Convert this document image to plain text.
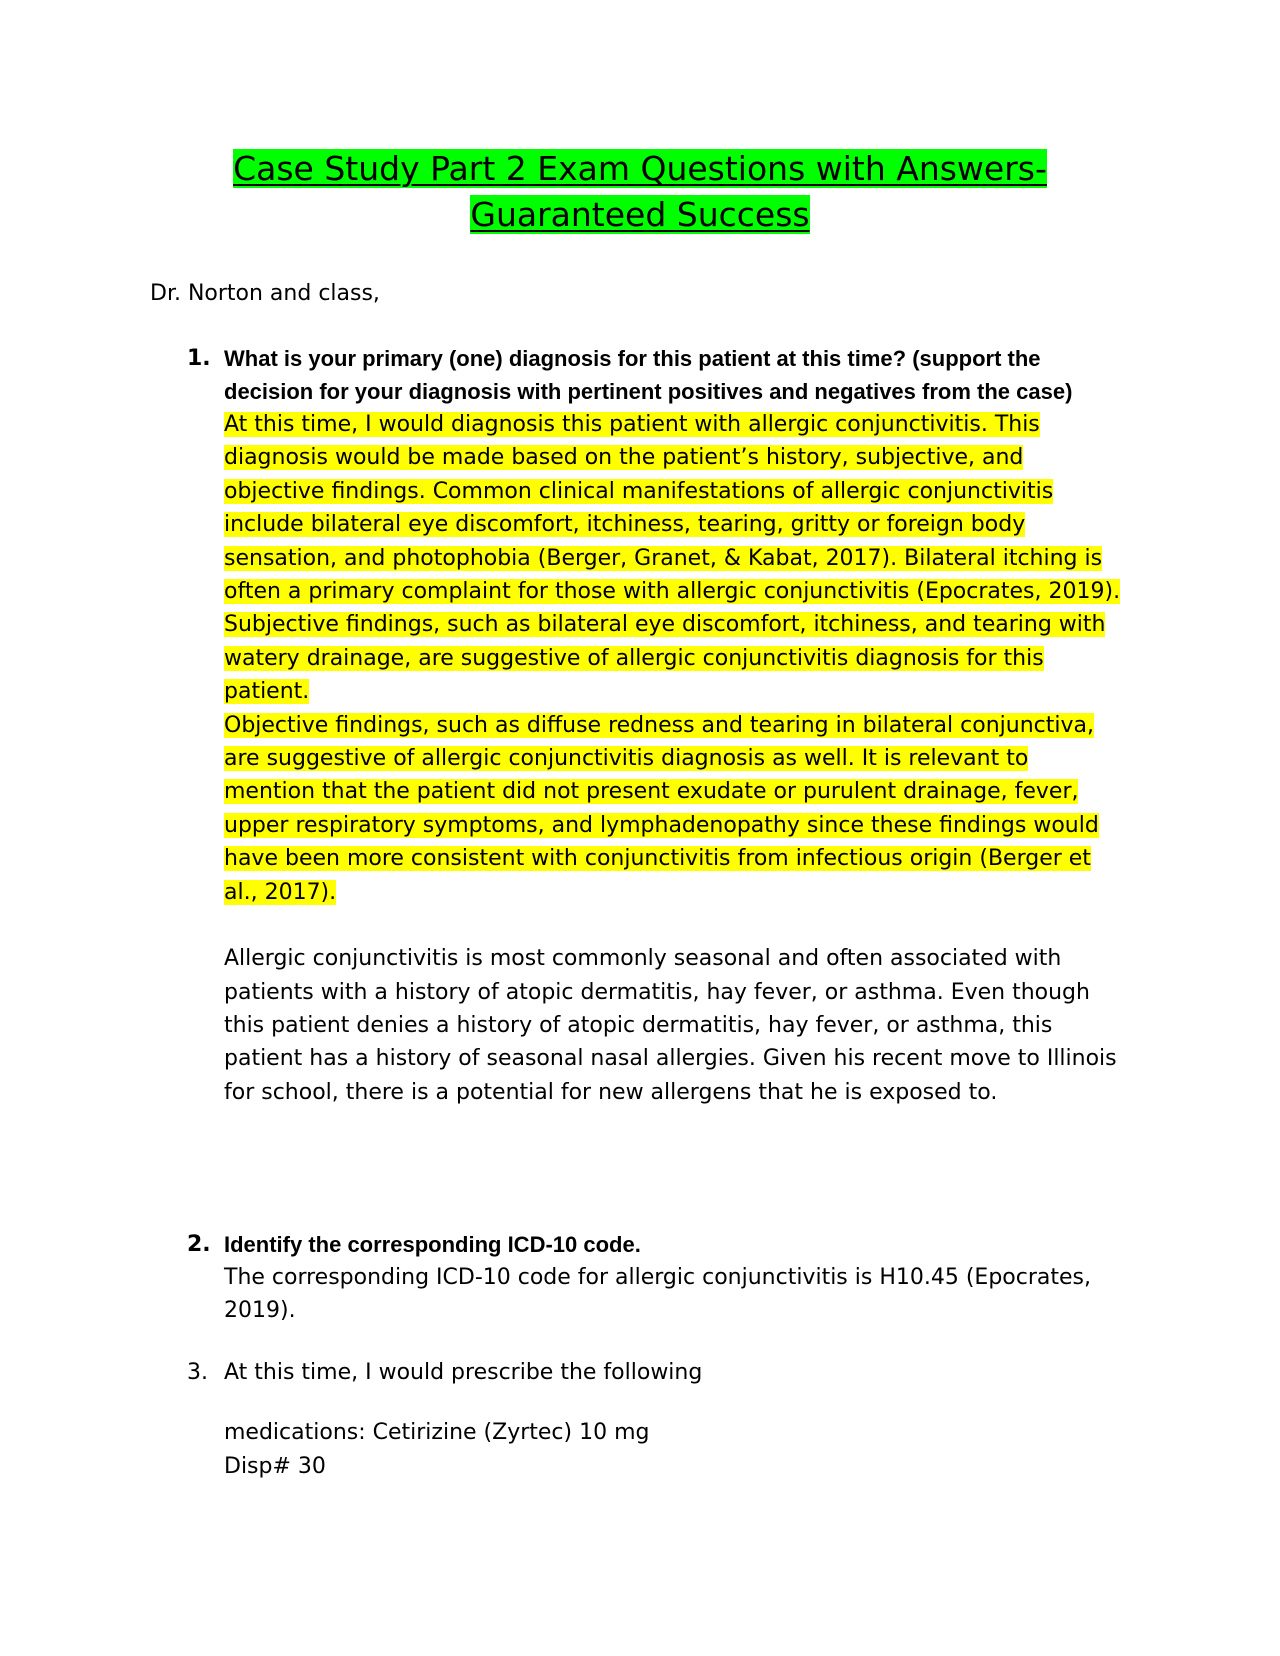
Case Study Part 2 Exam Questions with Answers-
Guaranteed Success
Dr. Norton and class,
1. What is your primary (one) diagnosis for this patient at this time? (support the decision for your diagnosis with pertinent positives and negatives from the case)

At this time, I would diagnosis this patient with allergic conjunctivitis. This diagnosis would be made based on the patient’s history, subjective, and objective findings. Common clinical manifestations of allergic conjunctivitis include bilateral eye discomfort, itchiness, tearing, gritty or foreign body sensation, and photophobia (Berger, Granet, & Kabat, 2017). Bilateral itching is often a primary complaint for those with allergic conjunctivitis (Epocrates, 2019). Subjective findings, such as bilateral eye discomfort, itchiness, and tearing with watery drainage, are suggestive of allergic conjunctivitis diagnosis for this patient.

Objective findings, such as diffuse redness and tearing in bilateral conjunctiva, are suggestive of allergic conjunctivitis diagnosis as well. It is relevant to mention that the patient did not present exudate or purulent drainage, fever, upper respiratory symptoms, and lymphadenopathy since these findings would have been more consistent with conjunctivitis from infectious origin (Berger et al., 2017).

Allergic conjunctivitis is most commonly seasonal and often associated with patients with a history of atopic dermatitis, hay fever, or asthma. Even though this patient denies a history of atopic dermatitis, hay fever, or asthma, this patient has a history of seasonal nasal allergies. Given his recent move to Illinois for school, there is a potential for new allergens that he is exposed to.

2. Identify the corresponding ICD-10 code.

The corresponding ICD-10 code for allergic conjunctivitis is H10.45 (Epocrates, 2019).

3. At this time, I would prescribe the following

medications: Cetirizine (Zyrtec) 10 mg

Disp# 30
